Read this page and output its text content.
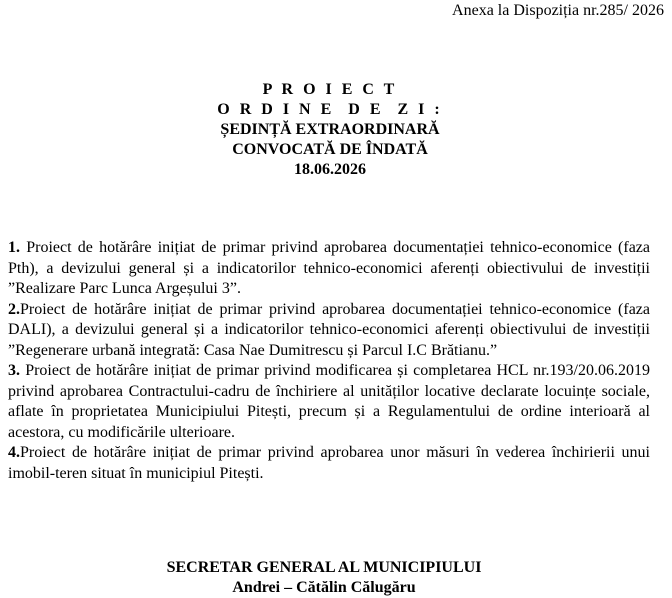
Anexa la Dispoziția nr.285/ 2026
P R O I E C T
O R D I N E  D E  Z I :
ȘEDINȚĂ EXTRAORDINARĂ
CONVOCATĂ DE ÎNDATĂ
18.06.2026

1. Proiect de hotărâre inițiat de primar privind aprobarea documentației tehnico-economice (faza Pth), a devizului general și a indicatorilor tehnico-economici aferenți obiectivului de investiții ”Realizare Parc Lunca Argeșului 3”.

2.Proiect de hotărâre inițiat de primar privind aprobarea documentației tehnico-economice (faza DALI), a devizului general și a indicatorilor tehnico-economici aferenți obiectivului de investiții ”Regenerare urbană integrată: Casa Nae Dumitrescu și Parcul I.C Brătianu.”

3. Proiect de hotărâre inițiat de primar privind modificarea și completarea HCL nr.193/20.06.2019 privind aprobarea Contractului-cadru de închiriere al unităților locative declarate locuințe sociale, aflate în proprietatea Municipiului Pitești, precum și a Regulamentului de ordine interioară al acestora, cu modificările ulterioare.

4.Proiect de hotărâre inițiat de primar privind aprobarea unor măsuri în vederea închirierii unui imobil-teren situat în municipiul Pitești.

SECRETAR GENERAL AL MUNICIPIULUI
Andrei – Cătălin Călugăru
